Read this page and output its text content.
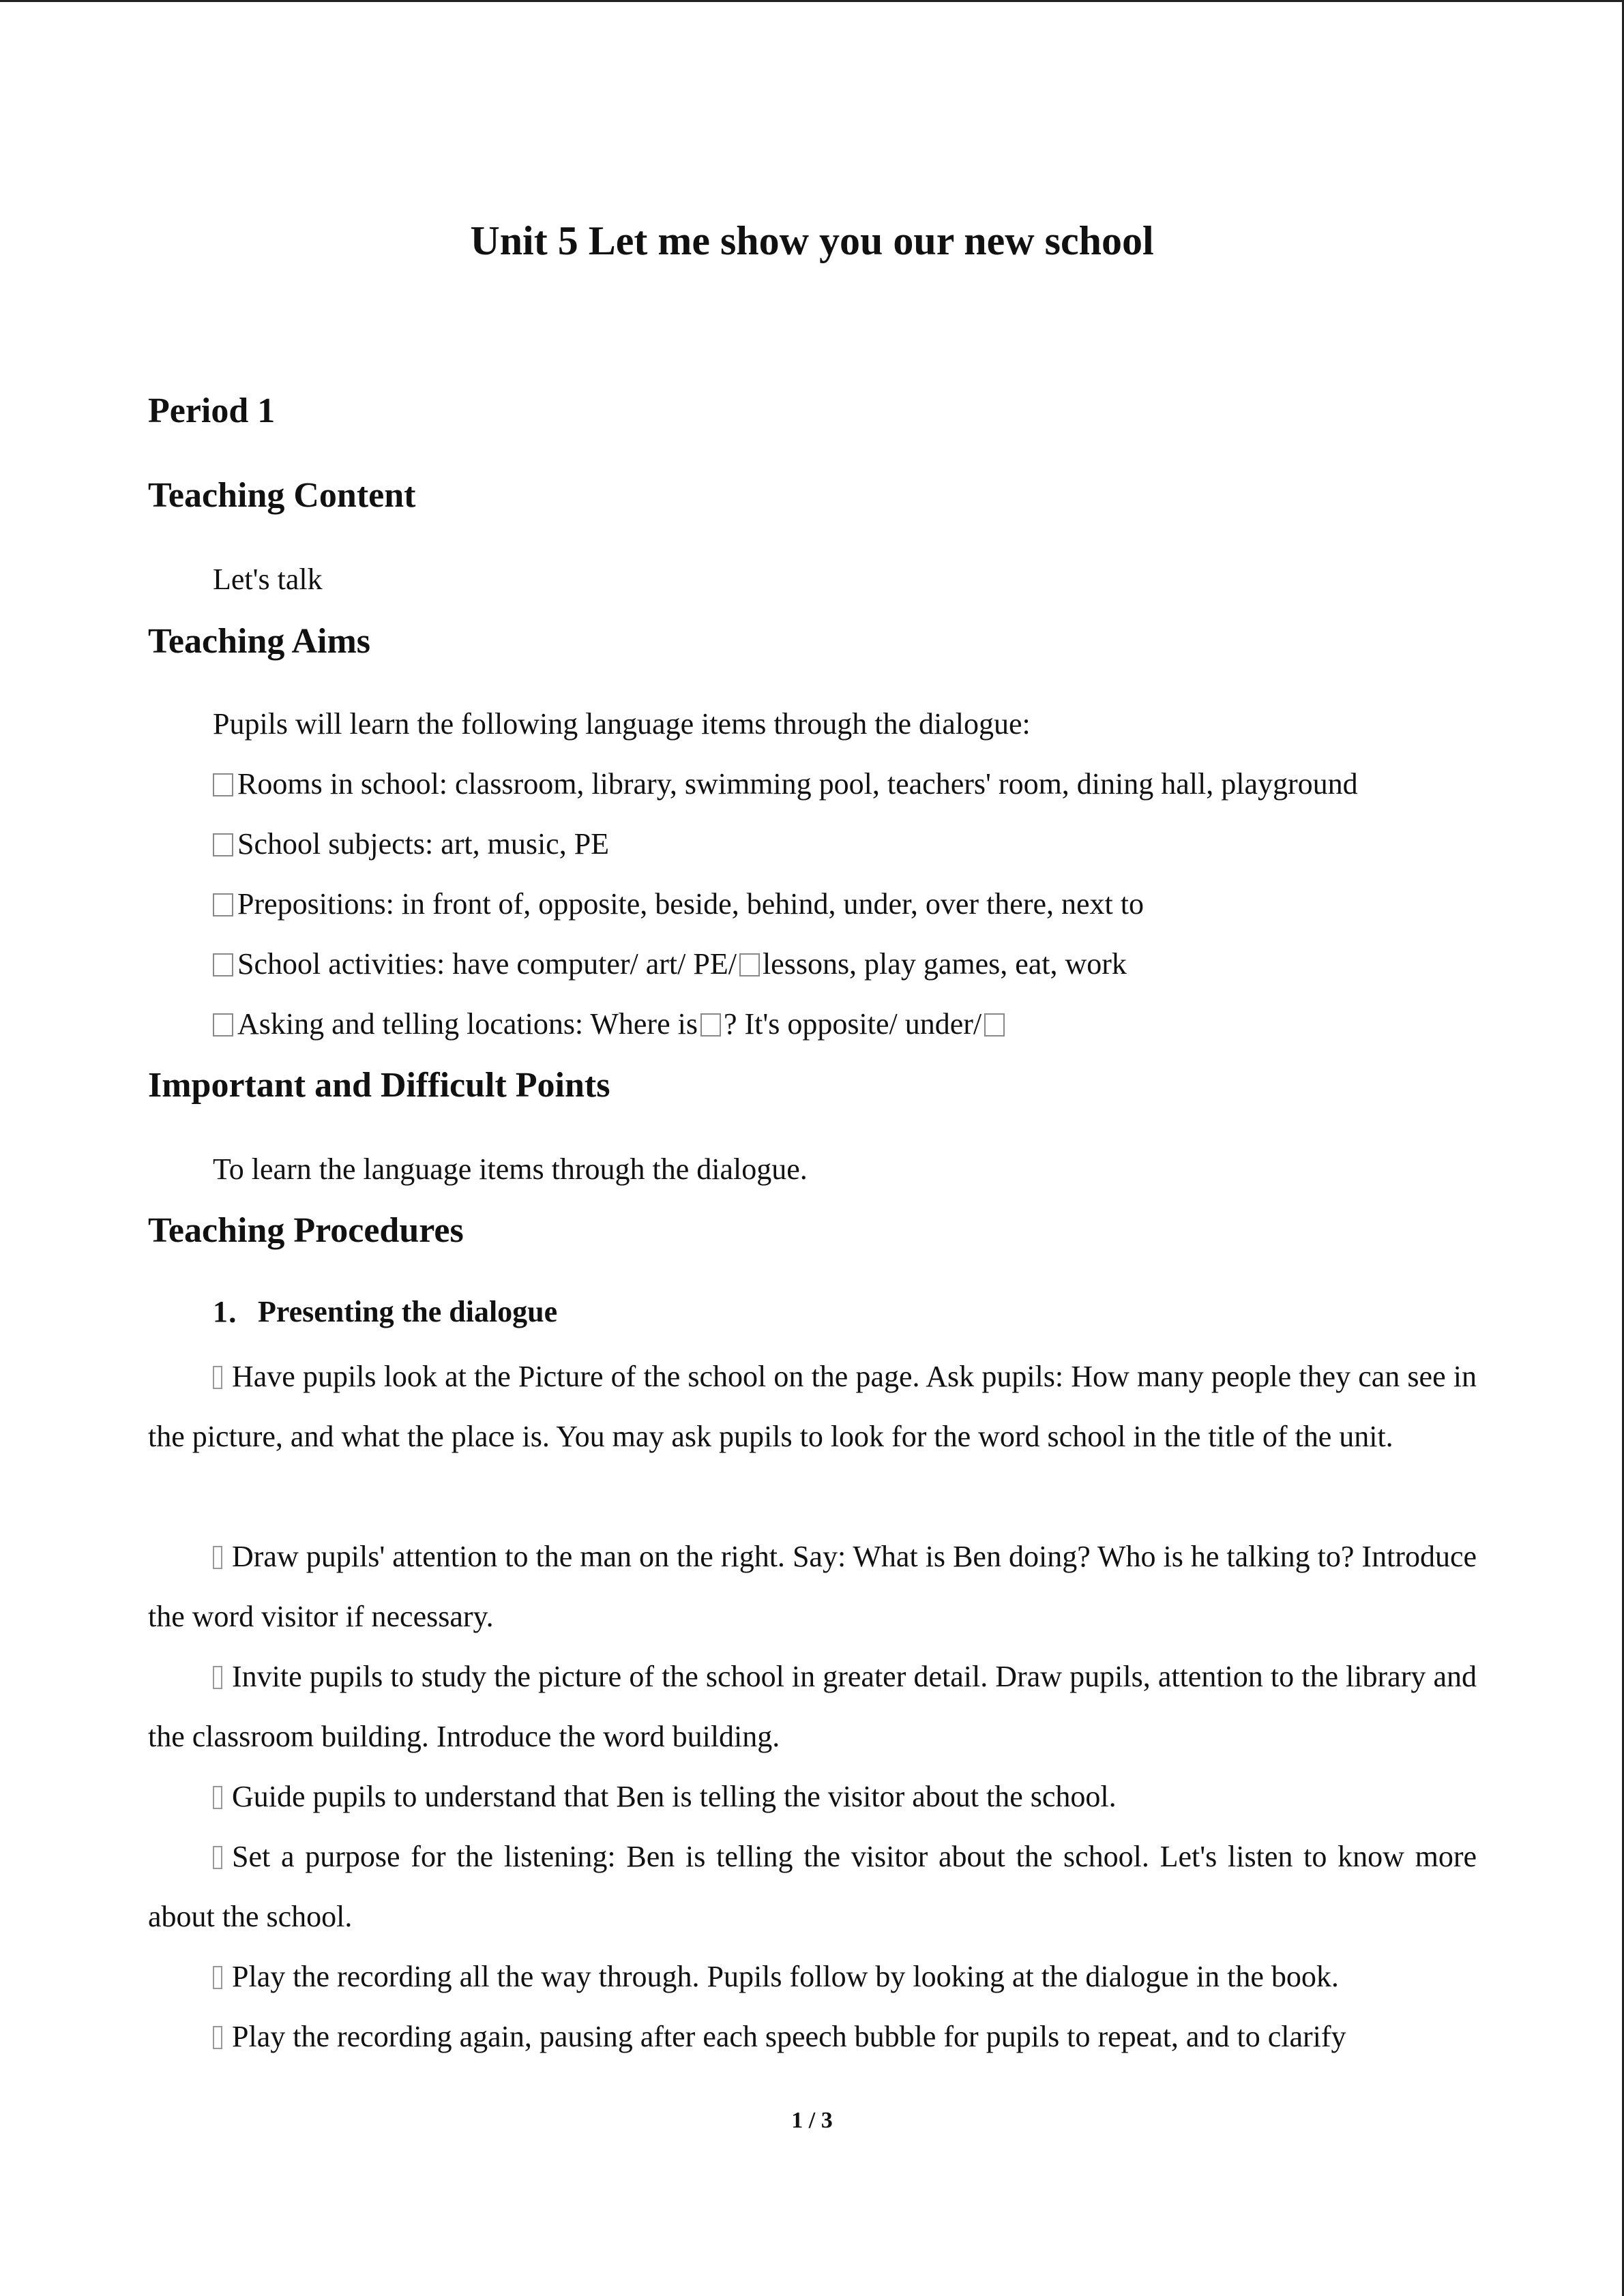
Unit 5 Let me show you our new school
Period 1
Teaching Content
Let's talk
Teaching Aims
Pupils will learn the following language items through the dialogue:
Rooms in school: classroom, library, swimming pool, teachers' room, dining hall, playground
School subjects: art, music, PE
Prepositions: in front of, opposite, beside, behind, under, over there, next to
School activities: have computer/ art/ PE/ lessons, play games, eat, work
Asking and telling locations: Where is ? It's opposite/ under/
Important and Difficult Points
To learn the language items through the dialogue.
Teaching Procedures
1．Presenting the dialogue
Have pupils look at the Picture of the school on the page. Ask pupils: How many people they can see in the picture, and what the place is. You may ask pupils to look for the word school in the title of the unit.
Draw pupils' attention to the man on the right. Say: What is Ben doing? Who is he talking to? Introduce the word visitor if necessary.
Invite pupils to study the picture of the school in greater detail. Draw pupils, attention to the library and the classroom building. Introduce the word building.
Guide pupils to understand that Ben is telling the visitor about the school.
Set a purpose for the listening: Ben is telling the visitor about the school. Let's listen to know more about the school.
Play the recording all the way through. Pupils follow by looking at the dialogue in the book.
Play the recording again, pausing after each speech bubble for pupils to repeat, and to clarify
1 / 3
